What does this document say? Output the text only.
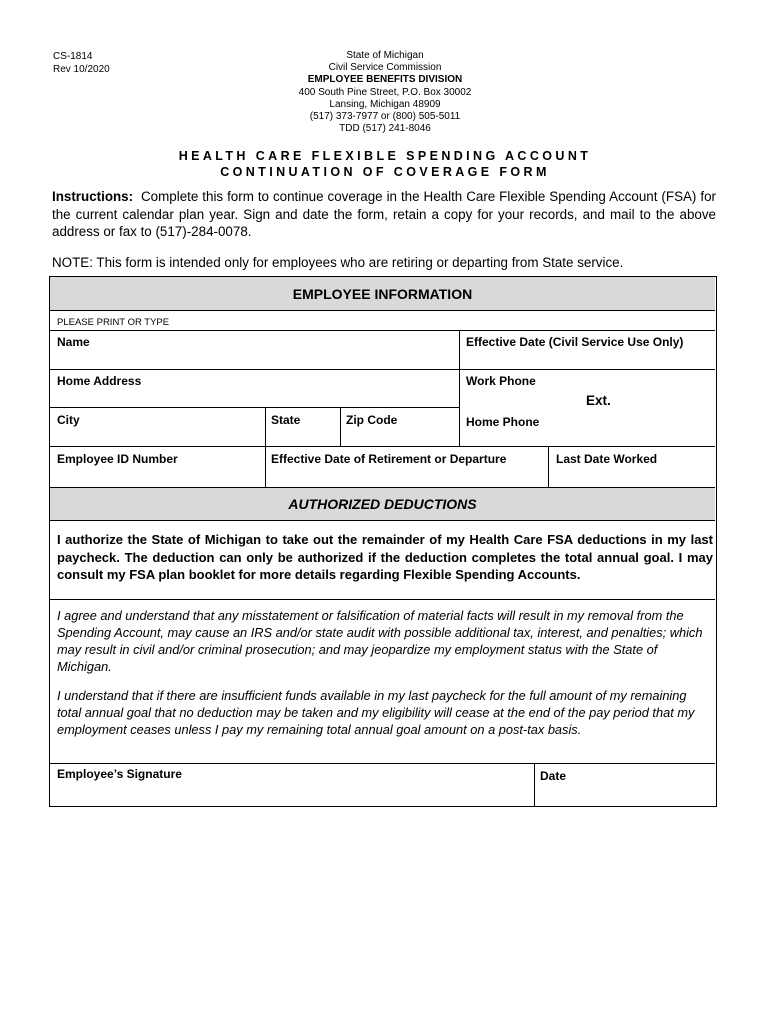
CS-1814
Rev 10/2020
State of Michigan
Civil Service Commission
EMPLOYEE BENEFITS DIVISION
400 South Pine Street, P.O. Box 30002
Lansing, Michigan 48909
(517) 373-7977 or (800) 505-5011
TDD (517) 241-8046
HEALTH CARE FLEXIBLE SPENDING ACCOUNT
CONTINUATION OF COVERAGE FORM
Instructions: Complete this form to continue coverage in the Health Care Flexible Spending Account (FSA) for the current calendar plan year. Sign and date the form, retain a copy for your records, and mail to the above address or fax to (517)-284-0078.
NOTE: This form is intended only for employees who are retiring or departing from State service.
EMPLOYEE INFORMATION
PLEASE PRINT OR TYPE
Name	Effective Date (Civil Service Use Only)
Home Address	Work Phone
Ext.
City	State	Zip Code	Home Phone
Employee ID Number	Effective Date of Retirement or Departure	Last Date Worked
AUTHORIZED DEDUCTIONS
I authorize the State of Michigan to take out the remainder of my Health Care FSA deductions in my last paycheck. The deduction can only be authorized if the deduction completes the total annual goal. I may consult my FSA plan booklet for more details regarding Flexible Spending Accounts.
I agree and understand that any misstatement or falsification of material facts will result in my removal from the Spending Account, may cause an IRS and/or state audit with possible additional tax, interest, and penalties; which may result in civil and/or criminal prosecution; and may jeopardize my employment status with the State of Michigan.
I understand that if there are insufficient funds available in my last paycheck for the full amount of my remaining total annual goal that no deduction may be taken and my eligibility will cease at the end of the pay period that my employment ceases unless I pay my remaining total annual goal amount on a post-tax basis.
Employee’s Signature	Date
